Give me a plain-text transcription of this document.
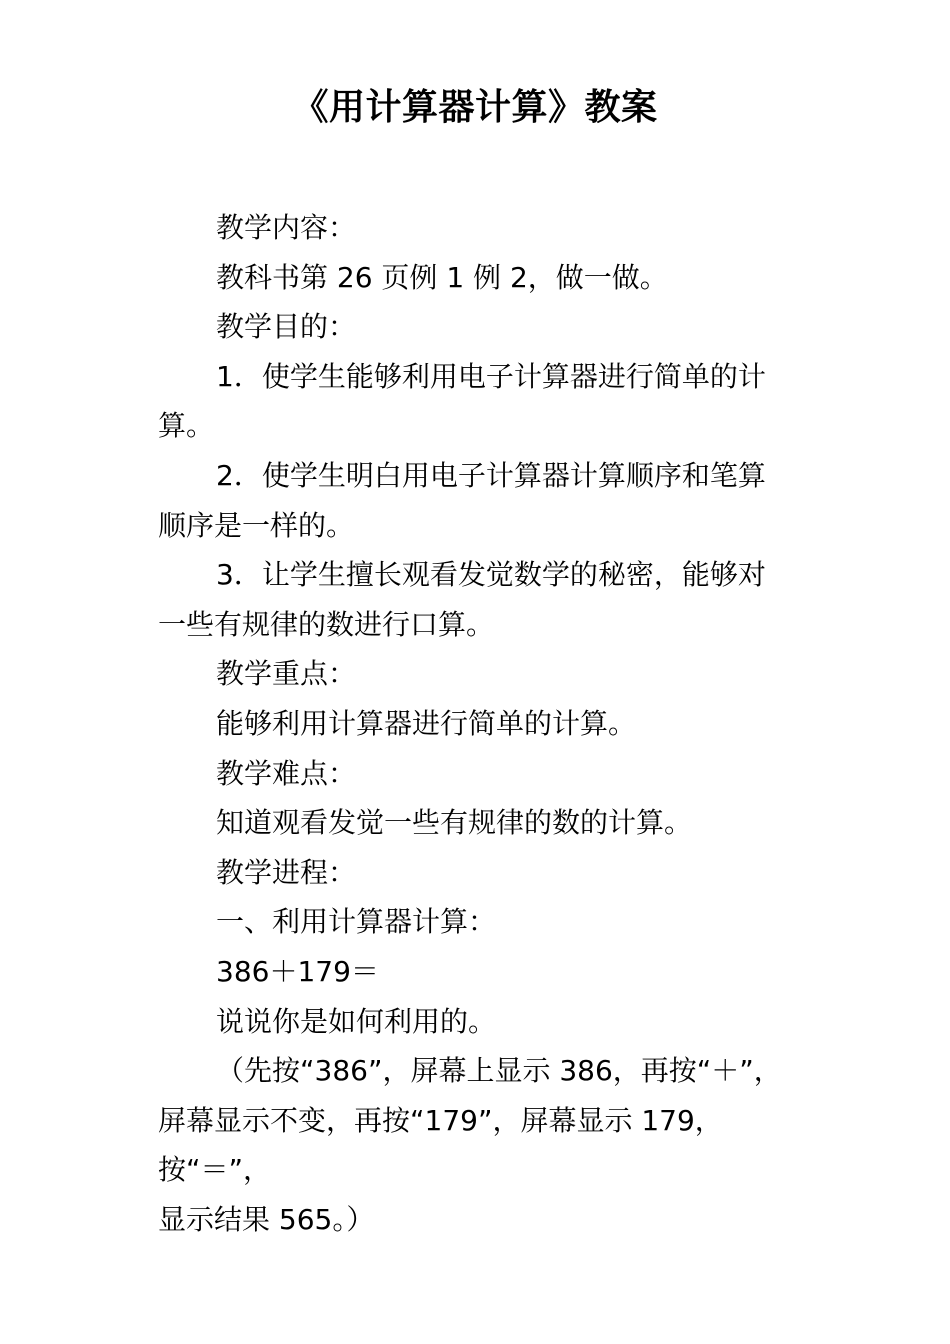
《用计算器计算》教案

教学内容：

教科书第 26 页例 1 例 2，做一做。

教学目的：

1．使学生能够利用电子计算器进行简单的计

算。

2．使学生明白用电子计算器计算顺序和笔算

顺序是一样的。

3．让学生擅长观看发觉数学的秘密，能够对

一些有规律的数进行口算。

教学重点：

能够利用计算器进行简单的计算。

教学难点：

知道观看发觉一些有规律的数的计算。

教学进程：

一、利用计算器计算：

386＋179＝

说说你是如何利用的。

（先按“386”，屏幕上显示 386，再按“＋”，

屏幕显示不变，再按“179”，屏幕显示 179，按“＝”，

显示结果 565。）
